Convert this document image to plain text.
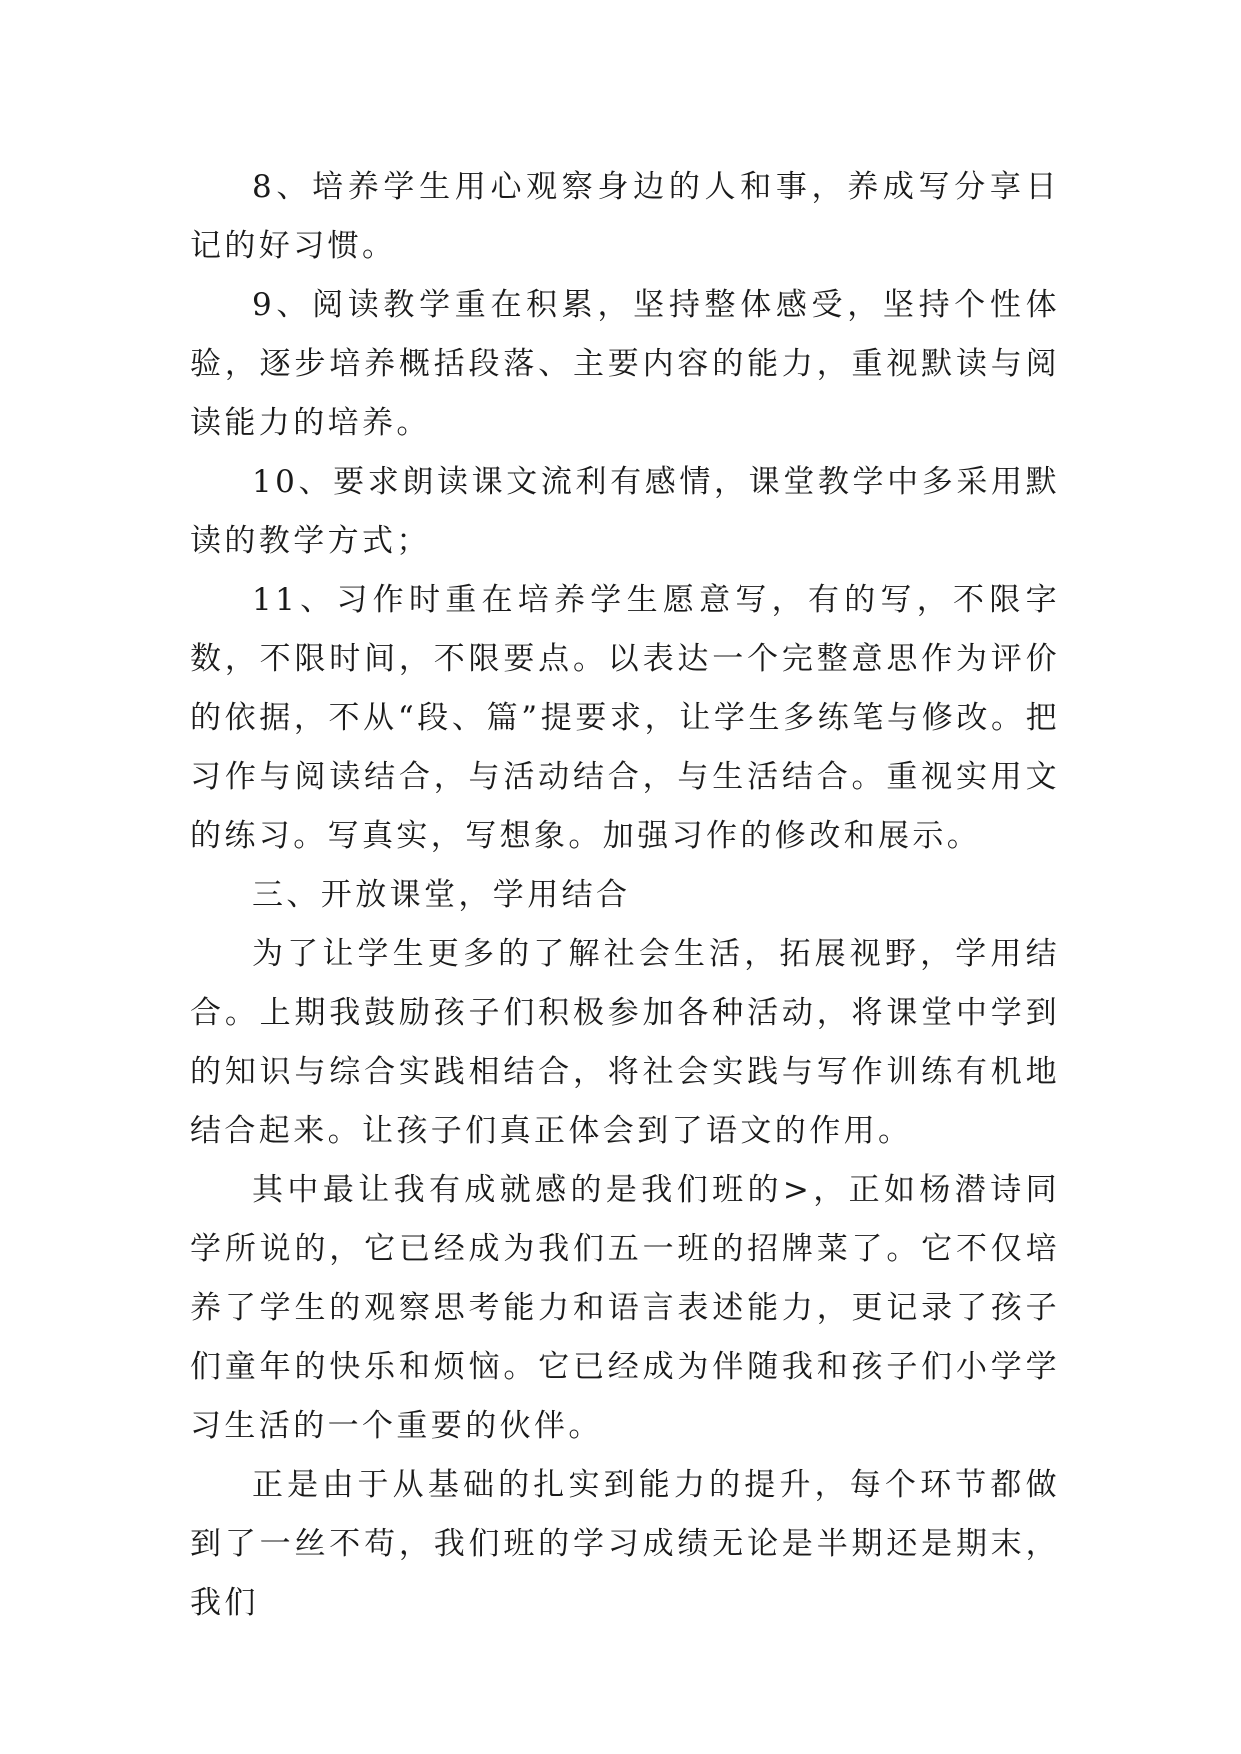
8、培养学生用心观察身边的人和事，养成写分享日记的好习惯。

9、阅读教学重在积累，坚持整体感受，坚持个性体验，逐步培养概括段落、主要内容的能力，重视默读与阅读能力的培养。

10、要求朗读课文流利有感情，课堂教学中多采用默读的教学方式；

11、习作时重在培养学生愿意写，有的写，不限字数，不限时间，不限要点。以表达一个完整意思作为评价的依据，不从“段、篇”提要求，让学生多练笔与修改。把习作与阅读结合，与活动结合，与生活结合。重视实用文的练习。写真实，写想象。加强习作的修改和展示。

三、开放课堂，学用结合

为了让学生更多的了解社会生活，拓展视野，学用结合。上期我鼓励孩子们积极参加各种活动，将课堂中学到的知识与综合实践相结合，将社会实践与写作训练有机地结合起来。让孩子们真正体会到了语文的作用。

其中最让我有成就感的是我们班的>，正如杨潜诗同学所说的，它已经成为我们五一班的招牌菜了。它不仅培养了学生的观察思考能力和语言表述能力，更记录了孩子们童年的快乐和烦恼。它已经成为伴随我和孩子们小学学习生活的一个重要的伙伴。

正是由于从基础的扎实到能力的提升，每个环节都做到了一丝不苟，我们班的学习成绩无论是半期还是期末，我们
